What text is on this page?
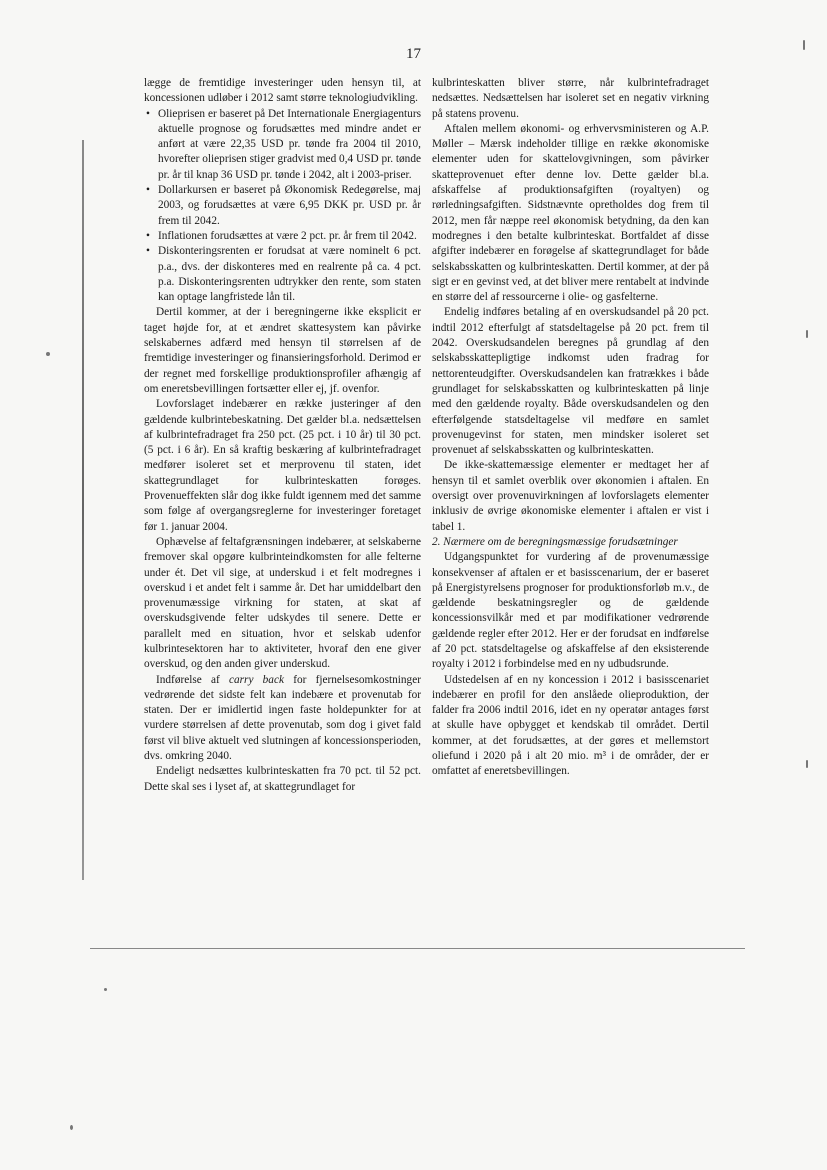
17

lægge de fremtidige investeringer uden hensyn til, at koncessionen udløber i 2012 samt større teknologiudvikling.

• Olieprisen er baseret på Det Internationale Energiagenturs aktuelle prognose og forudsættes med mindre andet er anført at være 22,35 USD pr. tønde fra 2004 til 2010, hvorefter olieprisen stiger gradvist med 0,4 USD pr. tønde pr. år til knap 36 USD pr. tønde i 2042, alt i 2003-priser.
• Dollarkursen er baseret på Økonomisk Redegørelse, maj 2003, og forudsættes at være 6,95 DKK pr. USD pr. år frem til 2042.
• Inflationen forudsættes at være 2 pct. pr. år frem til 2042.
• Diskonteringsrenten er forudsat at være nominelt 6 pct. p.a., dvs. der diskonteres med en realrente på ca. 4 pct. p.a. Diskonteringsrenten udtrykker den rente, som staten kan optage langfristede lån til.

Dertil kommer, at der i beregningerne ikke eksplicit er taget højde for, at et ændret skattesystem kan påvirke selskabernes adfærd med hensyn til størrelsen af de fremtidige investeringer og finansieringsforhold. Derimod er der regnet med forskellige produktionsprofiler afhængig af om eneretsbevillingen fortsætter eller ej, jf. ovenfor.

Lovforslaget indebærer en række justeringer af den gældende kulbrintebeskatning. Det gælder bl.a. nedsættelsen af kulbrintefradraget fra 250 pct. (25 pct. i 10 år) til 30 pct. (5 pct. i 6 år). En så kraftig beskæring af kulbrintefradraget medfører isoleret set et merprovenu til staten, idet skattegrundlaget for kulbrinteskatten forøges. Provenueffekten slår dog ikke fuldt igennem med det samme som følge af overgangsreglerne for investeringer foretaget før 1. januar 2004.

Ophævelse af feltafgrænsningen indebærer, at selskaberne fremover skal opgøre kulbrinteindkomsten for alle felterne under ét. Det vil sige, at underskud i et felt modregnes i overskud i et andet felt i samme år. Det har umiddelbart den provenumæssige virkning for staten, at skat af overskudsgivende felter udskydes til senere. Dette er parallelt med en situation, hvor et selskab udenfor kulbrintesektoren har to aktiviteter, hvoraf den ene giver overskud, og den anden giver underskud.

Indførelse af carry back for fjernelsesomkostninger vedrørende det sidste felt kan indebære et provenutab for staten. Der er imidlertid ingen faste holdepunkter for at vurdere størrelsen af dette provenutab, som dog i givet fald først vil blive aktuelt ved slutningen af koncessionsperioden, dvs. omkring 2040.

Endeligt nedsættes kulbrinteskatten fra 70 pct. til 52 pct. Dette skal ses i lyset af, at skattegrundlaget for

kulbrinteskatten bliver større, når kulbrintefradraget nedsættes. Nedsættelsen har isoleret set en negativ virkning på statens provenu.

Aftalen mellem økonomi- og erhvervsministeren og A.P. Møller – Mærsk indeholder tillige en række økonomiske elementer uden for skattelovgivningen, som påvirker skatteprovenuet efter denne lov. Dette gælder bl.a. afskaffelse af produktionsafgiften (royaltyen) og rørledningsafgiften. Sidstnævnte opretholdes dog frem til 2012, men får næppe reel økonomisk betydning, da den kan modregnes i den betalte kulbrinteskat. Bortfaldet af disse afgifter indebærer en forøgelse af skattegrundlaget for både selskabsskatten og kulbrinteskatten. Dertil kommer, at der på sigt er en gevinst ved, at det bliver mere rentabelt at indvinde en større del af ressourcerne i olie- og gasfelterne.

Endelig indføres betaling af en overskudsandel på 20 pct. indtil 2012 efterfulgt af statsdeltagelse på 20 pct. frem til 2042. Overskudsandelen beregnes på grundlag af den selskabsskattepligtige indkomst uden fradrag for nettorenteudgifter. Overskudsandelen kan fratrækkes i både grundlaget for selskabsskatten og kulbrinteskatten på linje med den gældende royalty. Både overskudsandelen og den efterfølgende statsdeltagelse vil medføre en samlet provenugevinst for staten, men mindsker isoleret set provenuet af selskabsskatten og kulbrinteskatten.

De ikke-skattemæssige elementer er medtaget her af hensyn til et samlet overblik over økonomien i aftalen. En oversigt over provenuvirkningen af lovforslagets elementer inklusiv de øvrige økonomiske elementer i aftalen er vist i tabel 1.

2. Nærmere om de beregningsmæssige forudsætninger

Udgangspunktet for vurdering af de provenumæssige konsekvenser af aftalen er et basisscenarium, der er baseret på Energistyrelsens prognoser for produktionsforløb m.v., de gældende beskatningsregler og de gældende koncessionsvilkår med et par modifikationer vedrørende gældende regler efter 2012. Her er der forudsat en indførelse af 20 pct. statsdeltagelse og afskaffelse af den eksisterende royalty i 2012 i forbindelse med en ny udbudsrunde.

Udstedelsen af en ny koncession i 2012 i basisscenariet indebærer en profil for den anslåede olieproduktion, der falder fra 2006 indtil 2016, idet en ny operatør antages først at skulle have opbygget et kendskab til området. Dertil kommer, at det forudsættes, at der gøres et mellemstort oliefund i 2020 på i alt 20 mio. m³ i de områder, der er omfattet af eneretsbevillingen.
